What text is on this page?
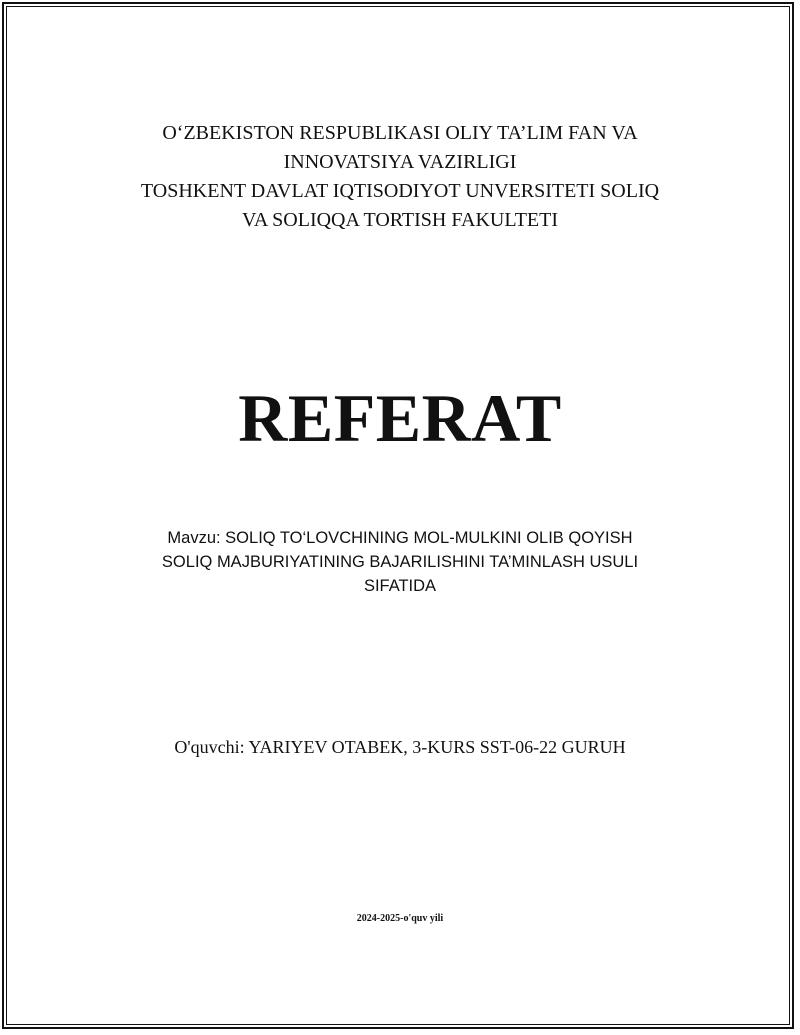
O‘ZBEKISTON RESPUBLIKASI OLIY TA’LIM FAN VA
INNOVATSIYA VAZIRLIGI
TOSHKENT DAVLAT IQTISODIYOT UNVERSITETI SOLIQ
VA SOLIQQA TORTISH FAKULTETI
REFERAT
Mavzu: SOLIQ TO‘LOVCHINING MOL-MULKINI OLIB QOYISH
SOLIQ MAJBURIYATINING BAJARILISHINI TA’MINLASH USULI
SIFATIDA
O'quvchi: YARIYEV OTABEK, 3-KURS SST-06-22 GURUH
2024-2025-o'quv yili
